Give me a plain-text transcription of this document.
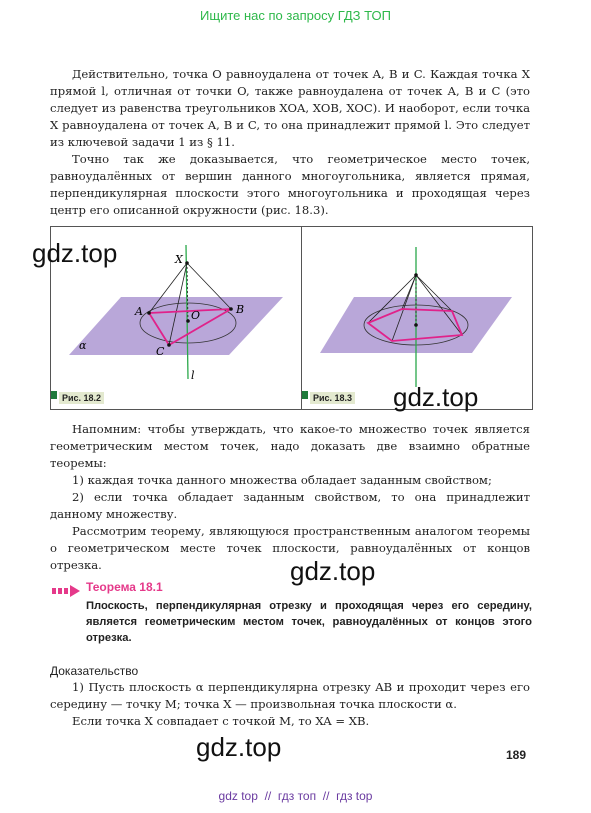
Ищите нас по запросу ГДЗ ТОП

Действительно, точка O равноудалена от точек A, B и C. Каждая точка X прямой l, отличная от точки O, также равноудалена от точек A, B и C (это следует из равенства треугольников XOA, XOB, XOC). И наоборот, если точка X равноудалена от точек A, B и C, то она принадлежит прямой l. Это следует из ключевой задачи 1 из § 11.

Точно так же доказывается, что геометрическое место точек, равноудалённых от вершин данного многоугольника, является прямая, перпендикулярная плоскости этого многоугольника и проходящая через центр его описанной окружности (рис. 18.3).

X
A	B
O
C
α
l
Рис. 18.2	Рис. 18.3
gdz.top
gdz.top
gdz.top
gdz.top

Напомним: чтобы утверждать, что какое-то множество точек является геометрическим местом точек, надо доказать две взаимно обратные теоремы:

1) каждая точка данного множества обладает заданным свойством;

2) если точка обладает заданным свойством, то она принадлежит данному множеству.

Рассмотрим теорему, являющуюся пространственным аналогом теоремы о геометрическом месте точек плоскости, равноудалённых от концов отрезка.

Теорема 18.1
Плоскость, перпендикулярная отрезку и проходящая через его середину, является геометрическим местом точек, равноудалённых от концов этого отрезка.
Доказательство

1) Пусть плоскость α перпендикулярна отрезку AB и проходит через его середину — точку M; точка X — произвольная точка плоскости α.

Если точка X совпадает с точкой M, то XA = XB.

189
gdz top  //  гдз топ  //  гдз top
